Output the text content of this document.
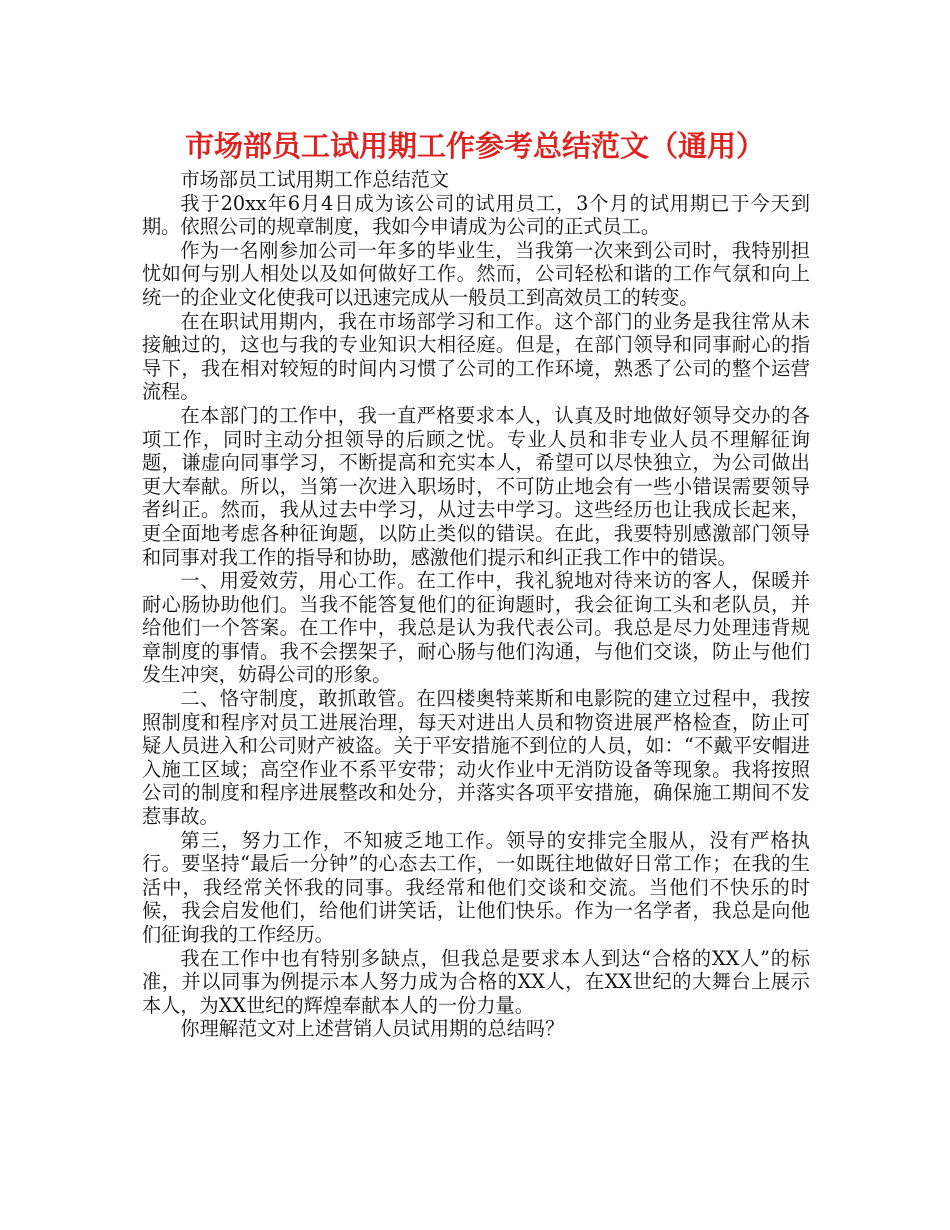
市场部员工试用期工作参考总结范文（通用）

市场部员工试用期工作总结范文

我于20xx年6月4日成为该公司的试用员工，3个月的试用期已于今天到期。依照公司的规章制度，我如今申请成为公司的正式员工。

作为一名刚参加公司一年多的毕业生，当我第一次来到公司时，我特别担忧如何与别人相处以及如何做好工作。然而，公司轻松和谐的工作气氛和向上统一的企业文化使我可以迅速完成从一般员工到高效员工的转变。

在在职试用期内，我在市场部学习和工作。这个部门的业务是我往常从未接触过的，这也与我的专业知识大相径庭。但是，在部门领导和同事耐心的指导下，我在相对较短的时间内习惯了公司的工作环境，熟悉了公司的整个运营流程。

在本部门的工作中，我一直严格要求本人，认真及时地做好领导交办的各项工作，同时主动分担领导的后顾之忧。专业人员和非专业人员不理解征询题，谦虚向同事学习，不断提高和充实本人，希望可以尽快独立，为公司做出更大奉献。所以，当第一次进入职场时，不可防止地会有一些小错误需要领导者纠正。然而，我从过去中学习，从过去中学习。这些经历也让我成长起来，更全面地考虑各种征询题，以防止类似的错误。在此，我要特别感激部门领导和同事对我工作的指导和协助，感激他们提示和纠正我工作中的错误。

一、用爱效劳，用心工作。在工作中，我礼貌地对待来访的客人，保暖并耐心肠协助他们。当我不能答复他们的征询题时，我会征询工头和老队员，并给他们一个答案。在工作中，我总是认为我代表公司。我总是尽力处理违背规章制度的事情。我不会摆架子，耐心肠与他们沟通，与他们交谈，防止与他们发生冲突，妨碍公司的形象。

二、恪守制度，敢抓敢管。在四楼奥特莱斯和电影院的建立过程中，我按照制度和程序对员工进展治理，每天对进出人员和物资进展严格检查，防止可疑人员进入和公司财产被盗。关于平安措施不到位的人员，如：“不戴平安帽进入施工区域；高空作业不系平安带；动火作业中无消防设备等现象。我将按照公司的制度和程序进展整改和处分，并落实各项平安措施，确保施工期间不发惹事故。

第三，努力工作，不知疲乏地工作。领导的安排完全服从，没有严格执行。要坚持“最后一分钟”的心态去工作，一如既往地做好日常工作；在我的生活中，我经常关怀我的同事。我经常和他们交谈和交流。当他们不快乐的时候，我会启发他们，给他们讲笑话，让他们快乐。作为一名学者，我总是向他们征询我的工作经历。

我在工作中也有特别多缺点，但我总是要求本人到达“合格的XX人”的标准，并以同事为例提示本人努力成为合格的XX人，在XX世纪的大舞台上展示本人，为XX世纪的辉煌奉献本人的一份力量。

你理解范文对上述营销人员试用期的总结吗？
